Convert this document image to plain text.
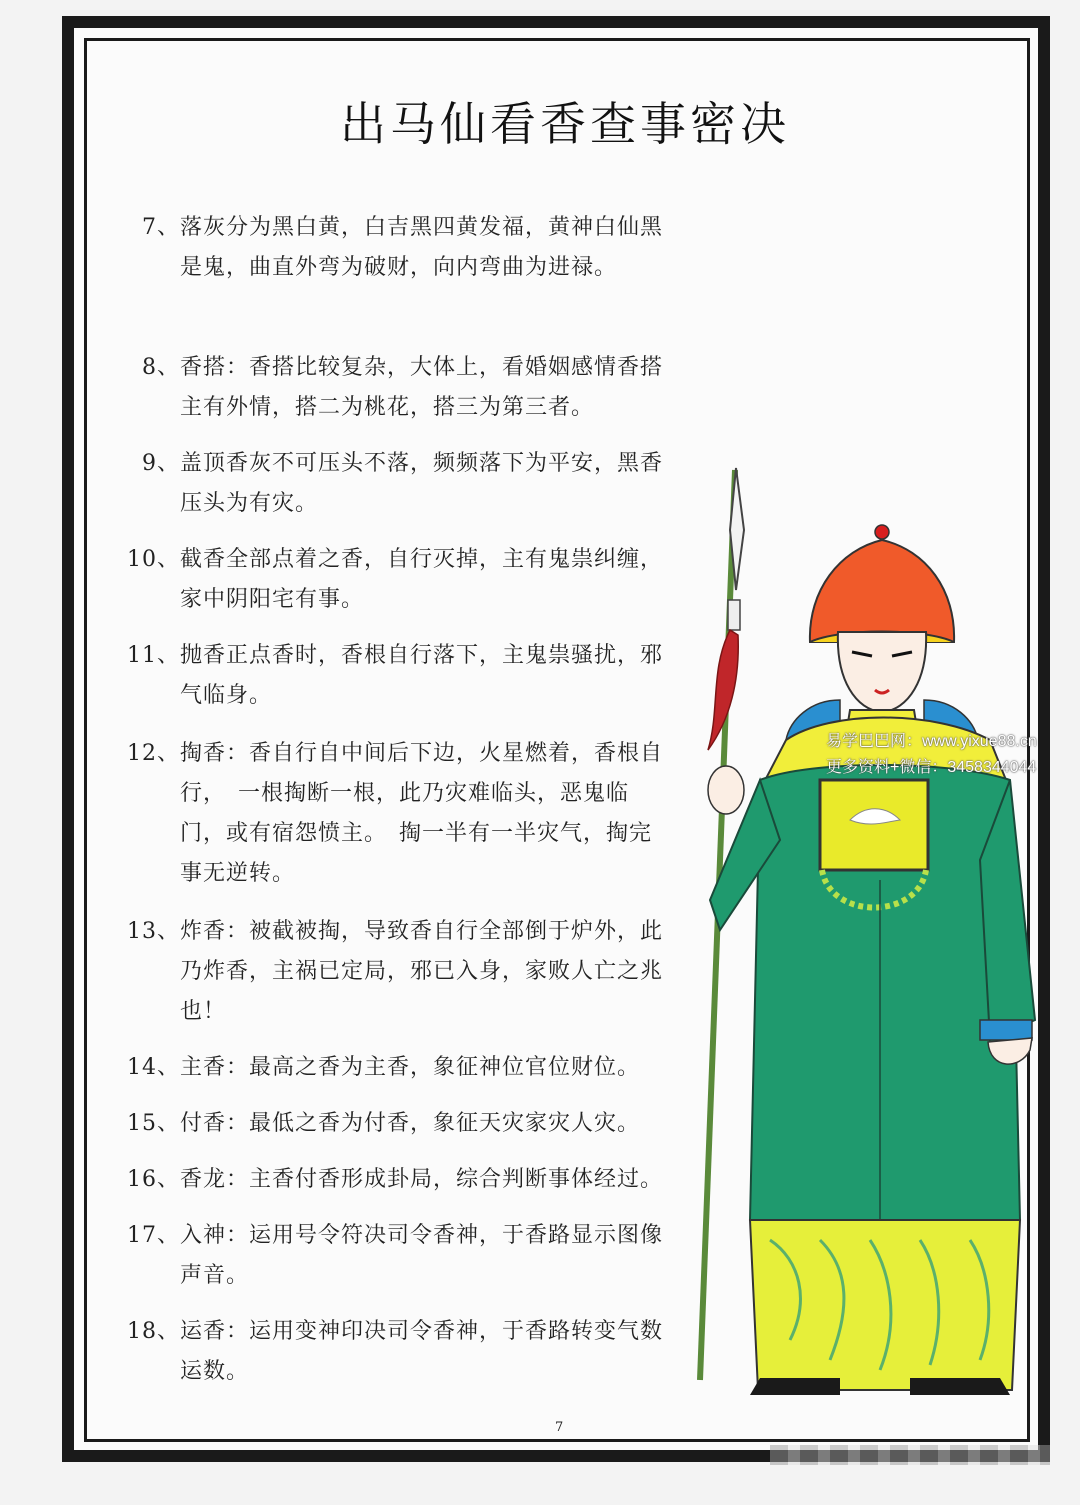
出马仙看香查事密决
7、落灰分为黑白黄，白吉黑四黄发福，黄神白仙黑是鬼，曲直外弯为破财，向内弯曲为进禄。
8、香搭：香搭比较复杂，大体上，看婚姻感情香搭主有外情，搭二为桃花，搭三为第三者。
9、盖顶香灰不可压头不落，频频落下为平安，黑香压头为有灾。
10、截香全部点着之香，自行灭掉，主有鬼祟纠缠，家中阴阳宅有事。
11、抛香正点香时，香根自行落下，主鬼祟骚扰，邪气临身。
12、掏香：香自行自中间后下边，火星燃着，香根自行，　一根掏断一根，此乃灾难临头，恶鬼临门，或有宿怨愤主。　掏一半有一半灾气，掏完事无逆转。
13、炸香：被截被掏，导致香自行全部倒于炉外，此乃炸香，主祸已定局，邪已入身，家败人亡之兆也！
14、主香：最高之香为主香，象征神位官位财位。
15、付香：最低之香为付香，象征天灾家灾人灾。
16、香龙：主香付香形成卦局，综合判断事体经过。
17、入神：运用号令符决司令香神，于香路显示图像声音。
18、运香：运用变神印决司令香神，于香路转变气数运数。
易学巴巴网：www.yixue88.cn
更多资料+微信：3458344044
7
